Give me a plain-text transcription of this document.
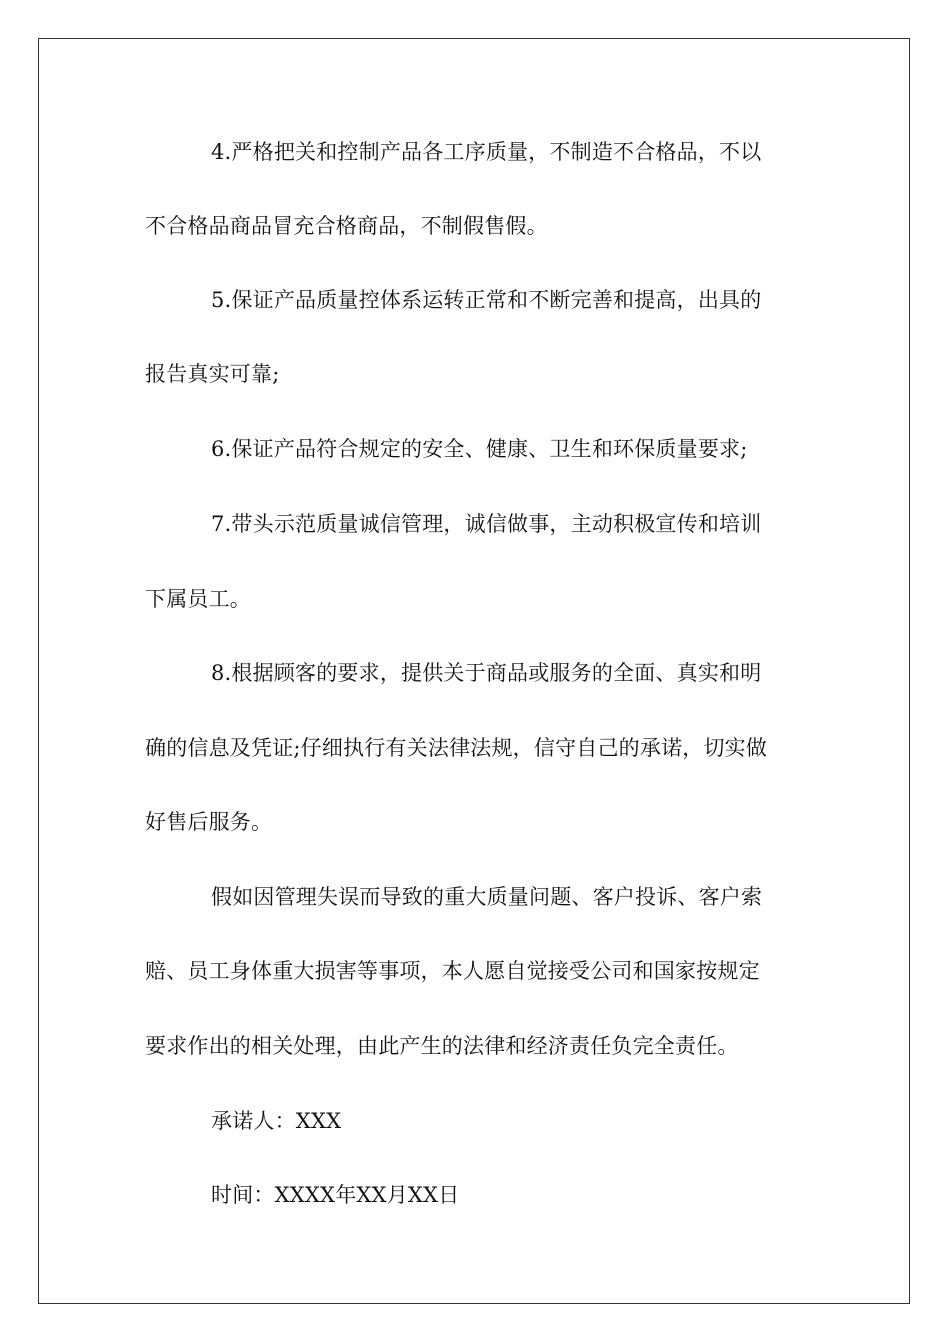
4.严格把关和控制产品各工序质量，不制造不合格品，不以
不合格品商品冒充合格商品，不制假售假。
5.保证产品质量控体系运转正常和不断完善和提高，出具的
报告真实可靠;
6.保证产品符合规定的安全、健康、卫生和环保质量要求;
7.带头示范质量诚信管理，诚信做事，主动积极宣传和培训
下属员工。
8.根据顾客的要求，提供关于商品或服务的全面、真实和明
确的信息及凭证;仔细执行有关法律法规，信守自己的承诺，切实做
好售后服务。
假如因管理失误而导致的重大质量问题、客户投诉、客户索
赔、员工身体重大损害等事项，本人愿自觉接受公司和国家按规定
要求作出的相关处理，由此产生的法律和经济责任负完全责任。
承诺人：XXX
时间：XXXX年XX月XX日
